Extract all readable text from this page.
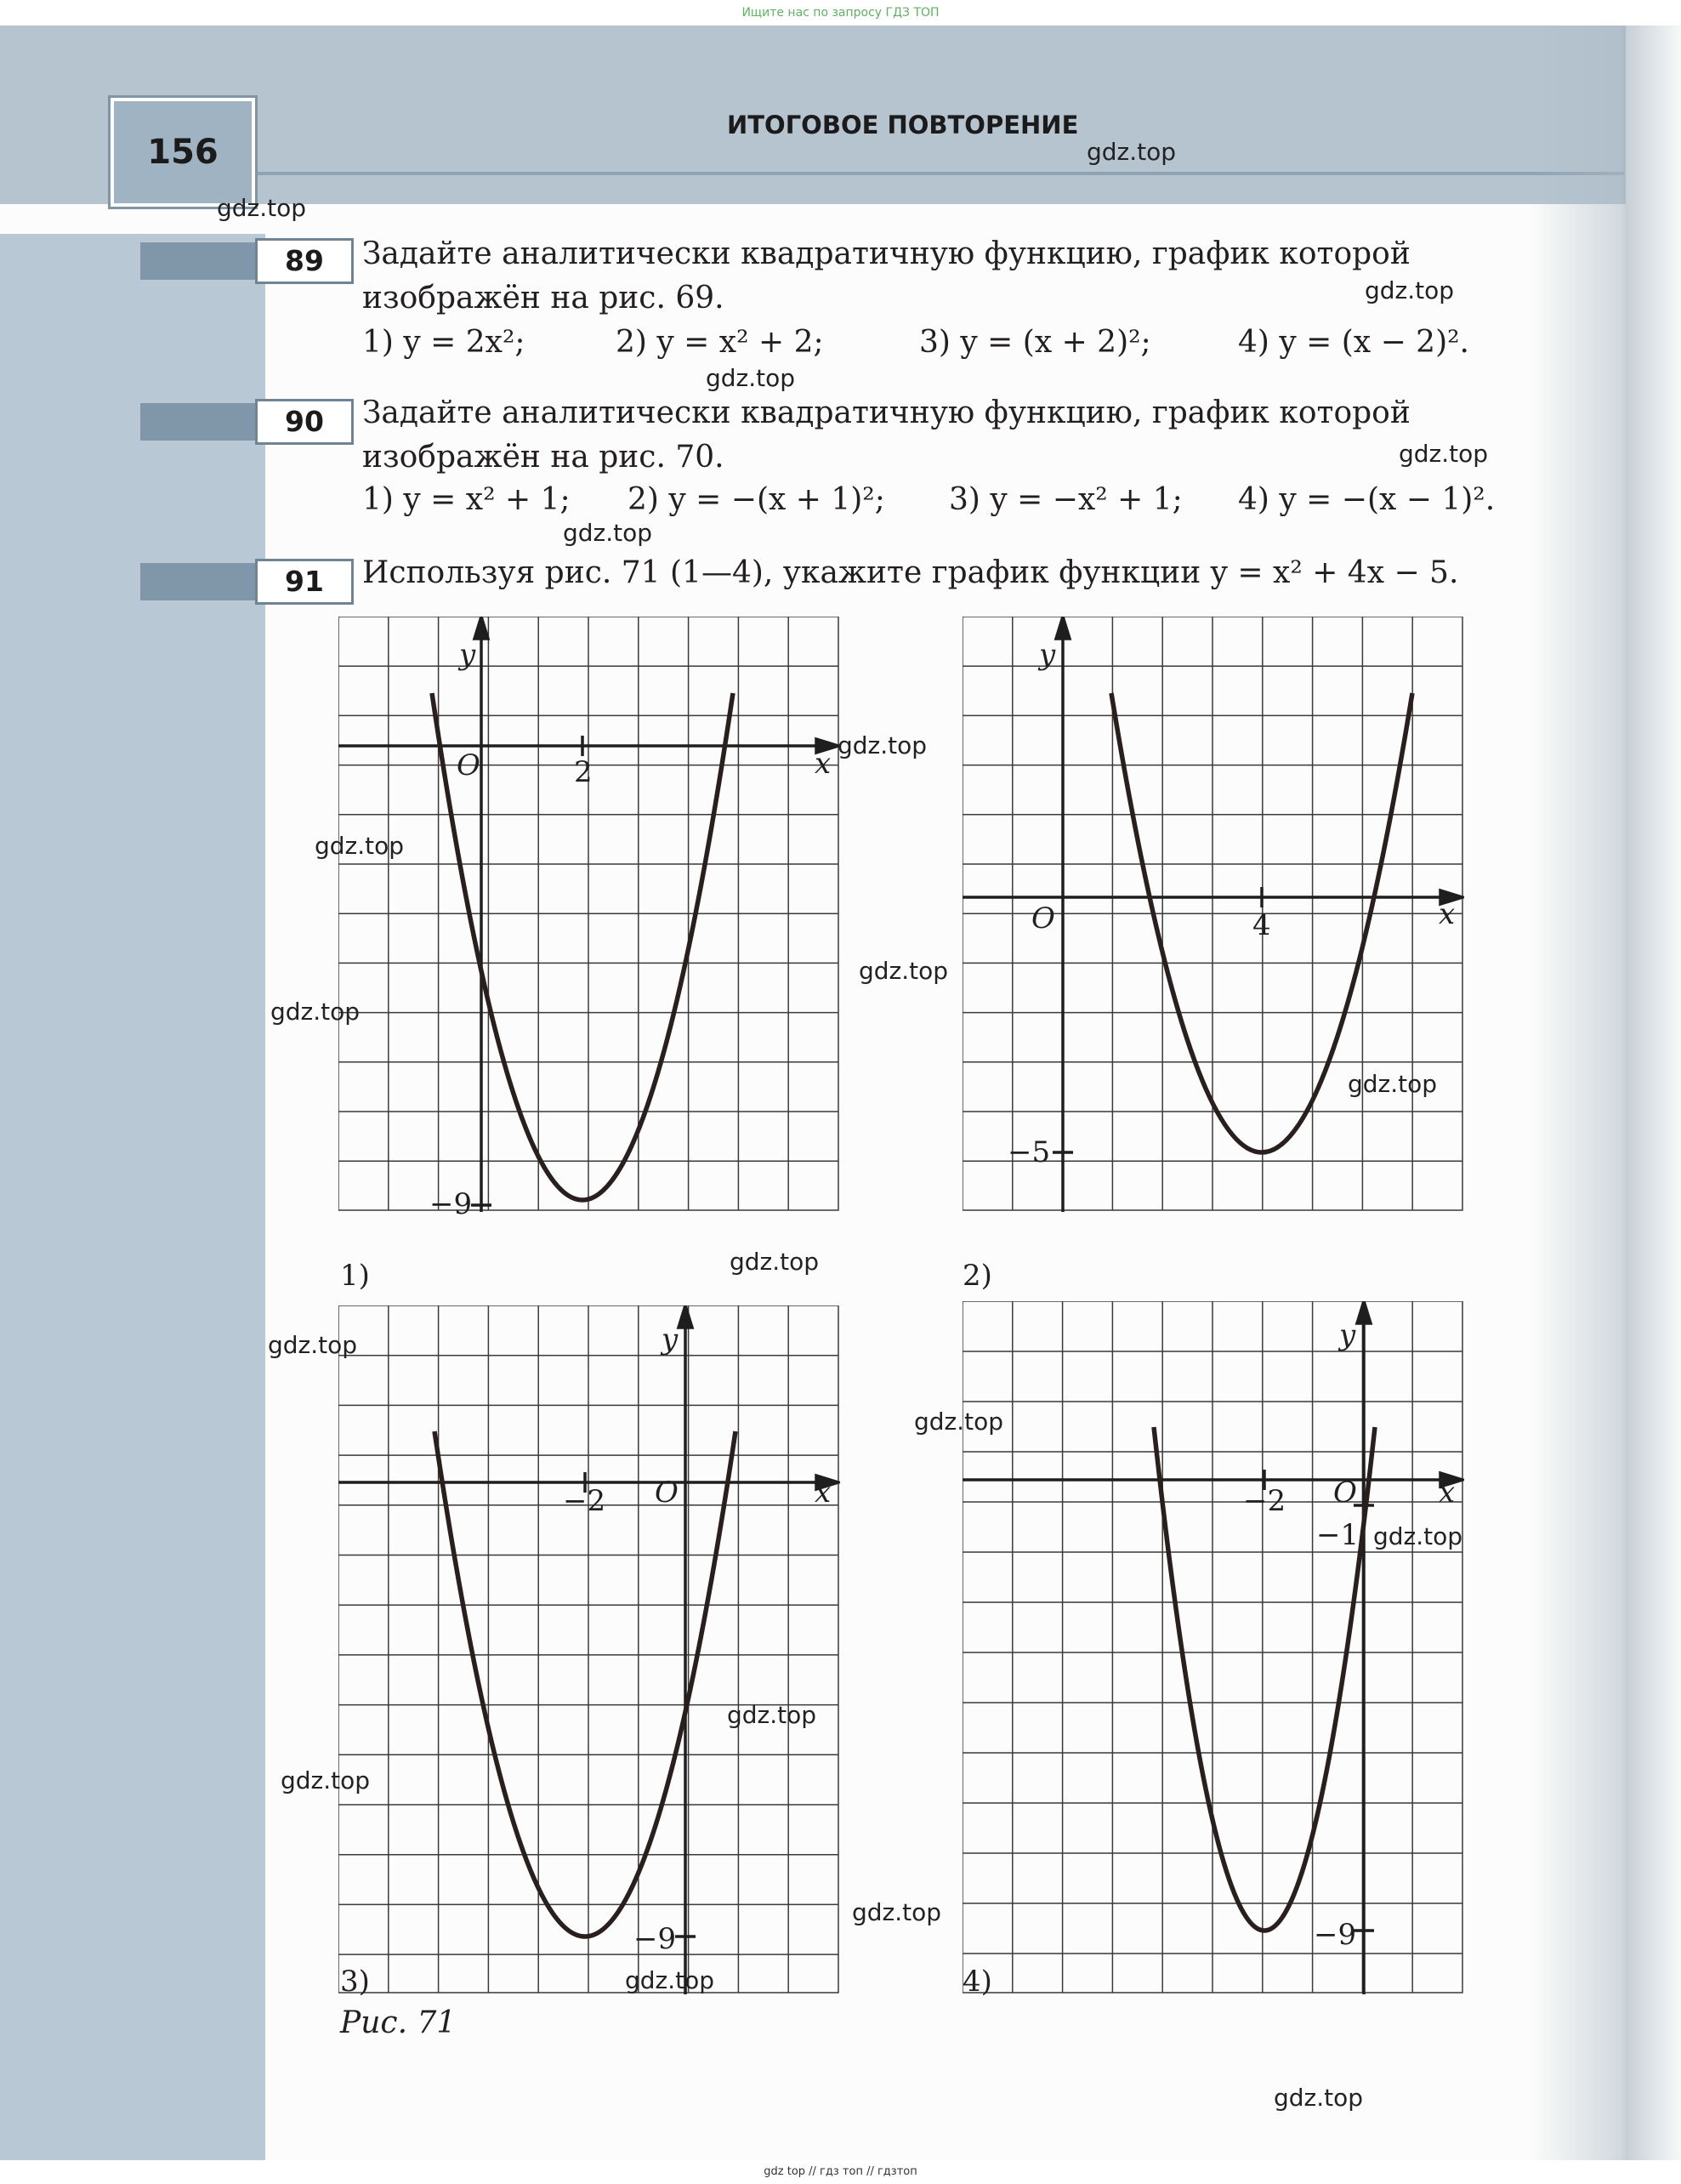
Ищите нас по запросу ГДЗ ТОП
156
ИТОГОВОЕ ПОВТОРЕНИЕ
89	Задайте аналитически квадратичную функцию, график которой
изображён на рис. 69.
1) y = 2x²;	2) y = x² + 2;	3) y = (x + 2)²;	4) y = (x − 2)².
90	Задайте аналитически квадратичную функцию, график которой
изображён на рис. 70.
1) y = x² + 1; 2) y = −(x + 1)²; 3) y = −x² + 1; 4) y = −(x − 1)².
91	Используя рис. 71 (1—4), укажите график функции y = x² + 4x − 5.
y
x
O	2
−9
1)
y
x
O	4
−5
2)
y
x
O
−2
−9
3)
y
x
O
−2
−1
−9
4)
Рис. 71
gdz.top
gdz.top
gdz.top
gdz.top
gdz.top
gdz.top
gdz.top
gdz.top
gdz.top
gdz.top
gdz.top
gdz.top
gdz.top
gdz.top
gdz.top
gdz.top
gdz.top
gdz.top
gdz.top
gdz.top
gdz top // гдз топ // гдзтоп
